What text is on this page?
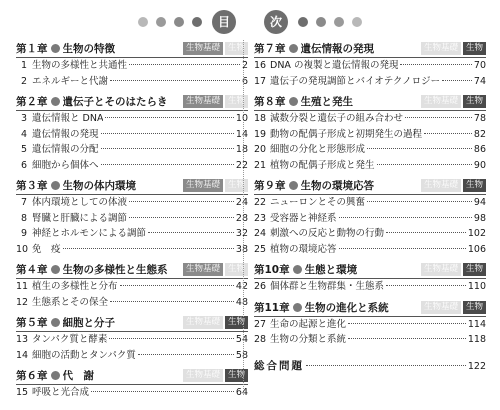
目	次
第１章 生物の特徴	生物基礎 生物
1 生物の多様性と共通性	2
2 エネルギーと代謝	6
第２章 遺伝子とそのはたらき	生物基礎 生物
3 遺伝情報と DNA	10
4 遺伝情報の発現	14
5 遺伝情報の分配	18
6 細胞から個体へ	22
第３章 生物の体内環境	生物基礎 生物
7 体内環境としての体液	24
8 腎臓と肝臓による調節	28
9 神経とホルモンによる調節	32
10 免　疫	38
第４章 生物の多様性と生態系	生物基礎 生物
11 植生の多様性と分布	42
12 生態系とその保全	48
第５章 細胞と分子	生物基礎 生物
13 タンパク質と酵素	54
14 細胞の活動とタンパク質	58
第６章 代　謝	生物基礎 生物
15 呼吸と光合成	64
第７章 遺伝情報の発現	生物基礎 生物
16 DNA の複製と遺伝情報の発現	70
17 遺伝子の発現調節とバイオテクノロジー	74
第８章 生殖と発生	生物基礎 生物
18 減数分裂と遺伝子の組み合わせ	78
19 動物の配偶子形成と初期発生の過程	82
20 細胞の分化と形態形成	86
21 植物の配偶子形成と発生	90
第９章 生物の環境応答	生物基礎 生物
22 ニューロンとその興奮	94
23 受容器と神経系	98
24 刺激への反応と動物の行動	102
25 植物の環境応答	106
第10章 生態と環境	生物基礎 生物
26 個体群と生物群集・生態系	110
第11章 生物の進化と系統	生物基礎 生物
27 生命の起源と進化	114
28 生物の分類と系統	118
総合問題	122
